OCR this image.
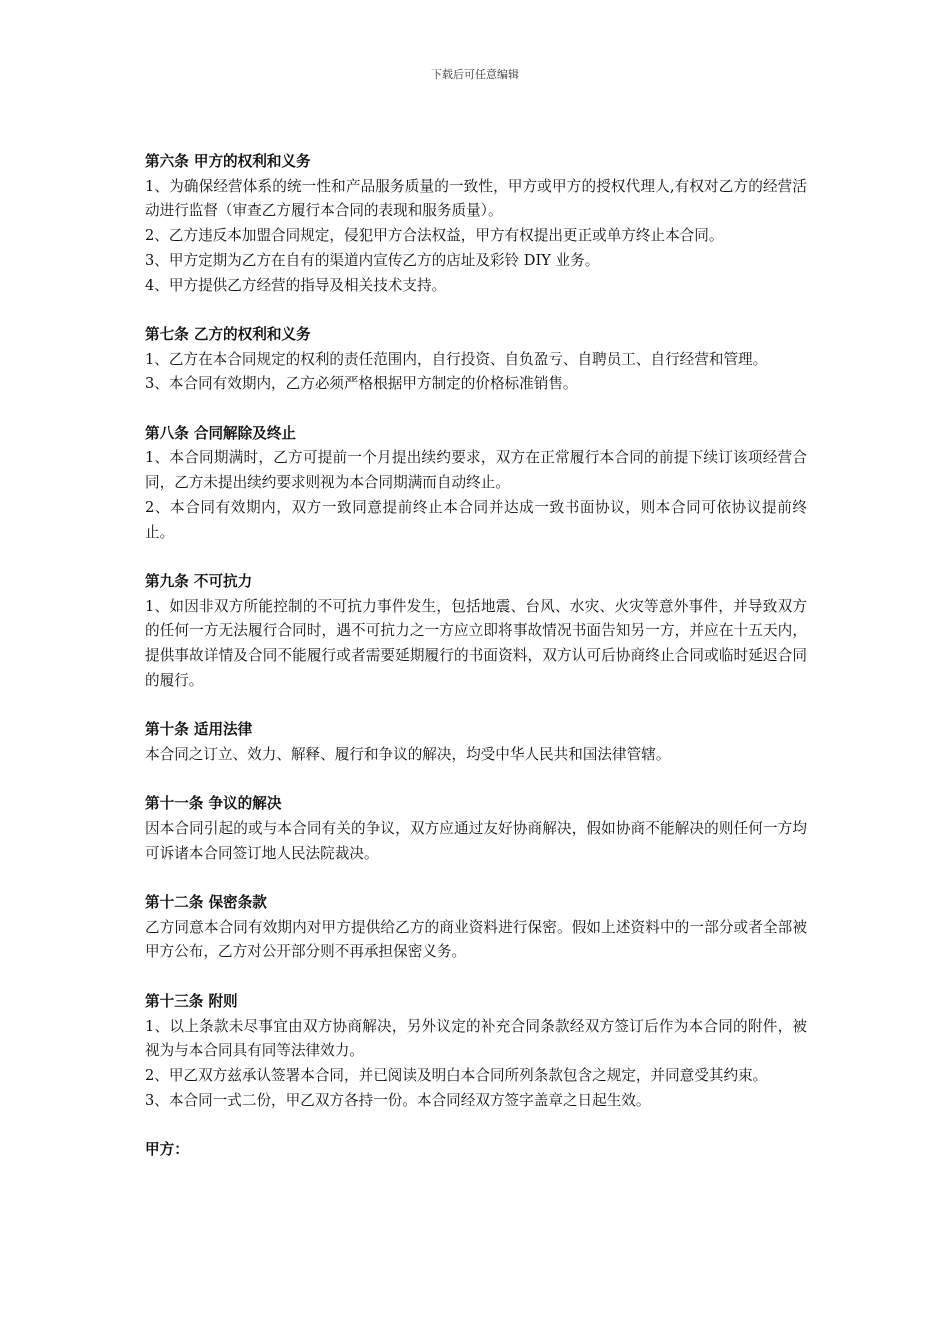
下载后可任意编辑

第六条 甲方的权利和义务

1、为确保经营体系的统一性和产品服务质量的一致性，甲方或甲方的授权代理人,有权对乙方的经营活动进行监督（审查乙方履行本合同的表现和服务质量）。

2、乙方违反本加盟合同规定，侵犯甲方合法权益，甲方有权提出更正或单方终止本合同。

3、甲方定期为乙方在自有的渠道内宣传乙方的店址及彩铃 DIY 业务。

4、甲方提供乙方经营的指导及相关技术支持。

第七条 乙方的权利和义务

1、乙方在本合同规定的权利的责任范围内，自行投资、自负盈亏、自聘员工、自行经营和管理。

3、本合同有效期内，乙方必须严格根据甲方制定的价格标准销售。

第八条 合同解除及终止

1、本合同期满时，乙方可提前一个月提出续约要求，双方在正常履行本合同的前提下续订该项经营合同，乙方未提出续约要求则视为本合同期满而自动终止。

2、本合同有效期内，双方一致同意提前终止本合同并达成一致书面协议，则本合同可依协议提前终止。

第九条 不可抗力

1、如因非双方所能控制的不可抗力事件发生，包括地震、台风、水灾、火灾等意外事件，并导致双方的任何一方无法履行合同时，遇不可抗力之一方应立即将事故情况书面告知另一方，并应在十五天内，提供事故详情及合同不能履行或者需要延期履行的书面资料，双方认可后协商终止合同或临时延迟合同的履行。

第十条 适用法律

本合同之订立、效力、解释、履行和争议的解决，均受中华人民共和国法律管辖。

第十一条 争议的解决

因本合同引起的或与本合同有关的争议，双方应通过友好协商解决，假如协商不能解决的则任何一方均可诉诸本合同签订地人民法院裁决。

第十二条 保密条款

乙方同意本合同有效期内对甲方提供给乙方的商业资料进行保密。假如上述资料中的一部分或者全部被甲方公布，乙方对公开部分则不再承担保密义务。

第十三条 附则

1、以上条款未尽事宜由双方协商解决，另外议定的补充合同条款经双方签订后作为本合同的附件，被视为与本合同具有同等法律效力。

2、甲乙双方兹承认签署本合同，并已阅读及明白本合同所列条款包含之规定，并同意受其约束。

3、本合同一式二份，甲乙双方各持一份。本合同经双方签字盖章之日起生效。

甲方：
